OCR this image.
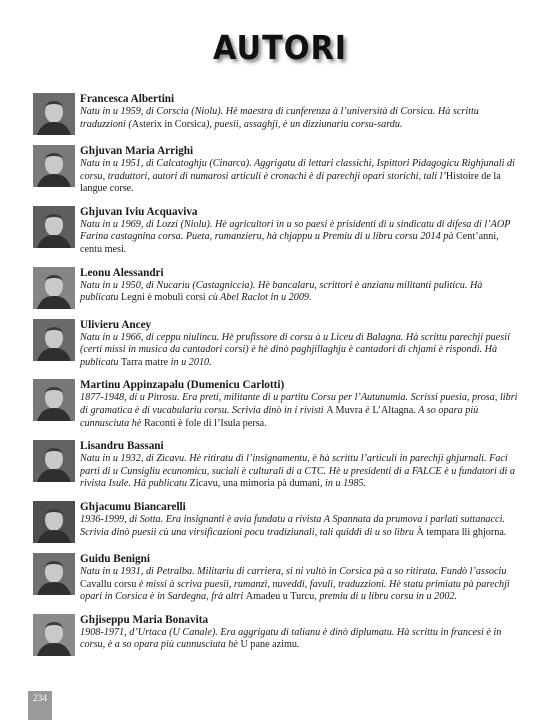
AUTORI
Francesca Albertini
Natu in u 1959, di Corscia (Niolu). Hè maestra di cunferenza à l’università di Corsica. Hà scrittu traduzzioni (Asterix in Corsica), puesii, assaghji, è un dizziunariu corsu-sardu.
Ghjuvan Maria Arrighi
Natu in u 1951, di Calcatoghju (Cinarca). Aggrigatu di lettari classichi, Ispittori Pidagogicu Righjunali di corsu, traduttori, autori di numarosi articuli è cronachi è di parechji opari storichi, tali l’Histoire de la langue corse.
Ghjuvan Iviu Acquaviva
Natu in u 1969, di Lozzi (Niolu). Hè agricultori in u so paesi è prisidenti di u sindicatu di difesa di l’AOP Farina castagnina corsa. Pueta, rumanzieru, hà chjappu u Premiu di u libru corsu 2014 pà Cent’anni, centu mesi.
Leonu Alessandri
Natu in u 1950, di Nucariu (Castagniccia). Hè bancalaru, scrittori è anzianu militanti pulìticu. Hà publicatu Legni è mobuli corsi cù Abel Raclot in u 2009.
Ulivieru Ancey
Natu in u 1966, di ceppu niulincu. Hè prufissore di corsu à u Liceu di Balagna. Hà scrittu parechji puesii (certi missi in musica da cantadori corsi) è hè dinò paghjillaghju è cantadori di chjami è rispondi. Hà publicatu Tarra matre in u 2010.
Martinu Appinzapalu (Dumenicu Carlotti)
1877-1948, di u Pitrosu. Era preti, militante di u partitu Corsu per l’Autunumia. Scrissi puesia, prosa, libri di gramatica è di vucabulariu corsu. Scrivia dinò in i rivisti A Muvra è L’Altagna. A so opara più cunnusciuta hè Raconti è fole di l’Isula persa.
Lisandru Bassani
Natu in u 1932, di Zìcavu. Hè ritiratu di l’insignamentu, è hà scrittu l’articuli in parechji ghjurnali. Faci parti di u Cunsigliu ecunomicu, suciali è culturali di a CTC. Hè u presidenti di a FALCE è u fundatori di a rivista Isule. Hà publicatu Zicavu, una mimoria pà dumani, in u 1985.
Ghjacumu Biancarelli
1936-1999, di Sotta. Era insignanti è avia fundatu a rivista A Spannata da prumova i parlati suttanacci. Scrivia dinò puesii cù una virsificazioni pocu tradiziunali, tali quiddi di u so libru À tempara lli ghjorna.
Guidu Benigni
Natu in u 1931, di Petralba. Militariu di carriera, si ni vultò in Corsica pà a so ritirata. Fundò l’associu Cavallu corsu è missi à scriva puesii, rumanzi, nuveddi, favuli, traduzzioni. Hè statu primiatu pà parechji opari in Corsica è in Sardegna, frà altri Amadeu u Turcu, premiu di u libru corsu in u 2002.
Ghjiseppu Maria Bonavita
1908-1971, d’Urtaca (U Canale). Era aggrigatu di talianu è dinò diplumatu. Hà scrittu in francesi è in corsu, è a so opara più cunnusciuta hè U pane azimu.
234
